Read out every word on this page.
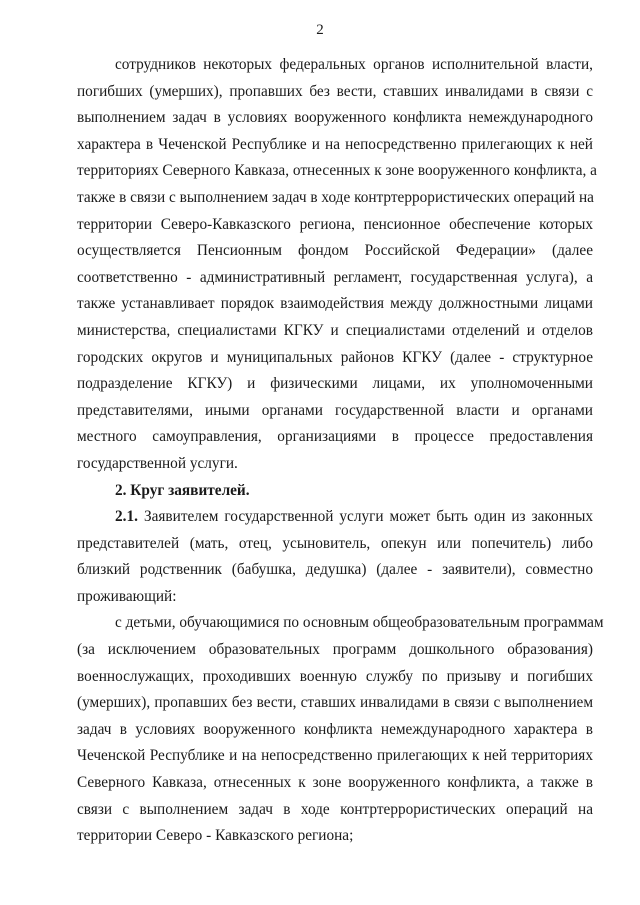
2
сотрудников некоторых федеральных органов исполнительной власти,
погибших (умерших), пропавших без вести, ставших инвалидами в связи с
выполнением задач в условиях вооруженного конфликта немеждународного
характера в Чеченской Республике и на непосредственно прилегающих к ней
территориях Северного Кавказа, отнесенных к зоне вооруженного конфликта, а
также в связи с выполнением задач в ходе контртеррористических операций на
территории Северо-Кавказского региона, пенсионное обеспечение которых
осуществляется Пенсионным фондом Российской Федерации» (далее
соответственно - административный регламент, государственная услуга), а
также устанавливает порядок взаимодействия между должностными лицами
министерства, специалистами КГКУ и специалистами отделений и отделов
городских округов и муниципальных районов КГКУ (далее - структурное
подразделение КГКУ) и физическими лицами, их уполномоченными
представителями, иными органами государственной власти и органами
местного самоуправления, организациями в процессе предоставления
государственной услуги.
2. Круг заявителей.
2.1. Заявителем государственной услуги может быть один из законных
представителей (мать, отец, усыновитель, опекун или попечитель) либо
близкий родственник (бабушка, дедушка) (далее - заявители), совместно
проживающий:
с детьми, обучающимися по основным общеобразовательным программам
(за исключением образовательных программ дошкольного образования)
военнослужащих, проходивших военную службу по призыву и погибших
(умерших), пропавших без вести, ставших инвалидами в связи с выполнением
задач в условиях вооруженного конфликта немеждународного характера в
Чеченской Республике и на непосредственно прилегающих к ней территориях
Северного Кавказа, отнесенных к зоне вооруженного конфликта, а также в
связи с выполнением задач в ходе контртеррористических операций на
территории Северо - Кавказского региона;
